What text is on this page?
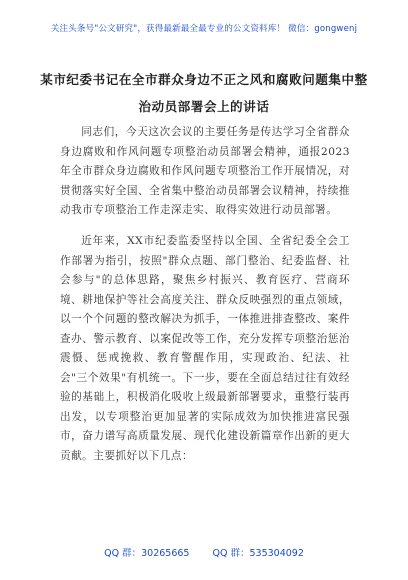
关注头条号"公文研究"，获得最新最全最专业的公文资料库！ 微信：gongwenj
某市纪委书记在全市群众身边不正之风和腐败问题集中整治动员部署会上的讲话
同志们，今天这次会议的主要任务是传达学习全省群众身边腐败和作风问题专项整治动员部署会精神，通报2023年全市群众身边腐败和作风问题专项整治工作开展情况，对贯彻落实好全国、全省集中整治动员部署会议精神，持续推动我市专项整治工作走深走实、取得实效进行动员部署。
近年来，XX市纪委监委坚持以全国、全省纪委全会工作部署为指引，按照"群众点题、部门整治、纪委监督、社会参与"的总体思路，聚焦乡村振兴、教育医疗、营商环境、耕地保护等社会高度关注、群众反映强烈的重点领域，以一个个问题的整改解决为抓手，一体推进排查整改、案件查办、警示教育、以案促改等工作，充分发挥专项整治惩治震慑、惩戒挽救、教育警醒作用，实现政治、纪法、社会"三个效果"有机统一。下一步，要在全面总结过往有效经验的基础上，积极消化吸收上级最新部署要求，重整行装再出发，以专项整治更加显著的实际成效为加快推进富民强市，奋力谱写高质量发展、现代化建设新篇章作出新的更大贡献。主要抓好以下几点：
QQ 群：30265665 QQ 群：535304092
